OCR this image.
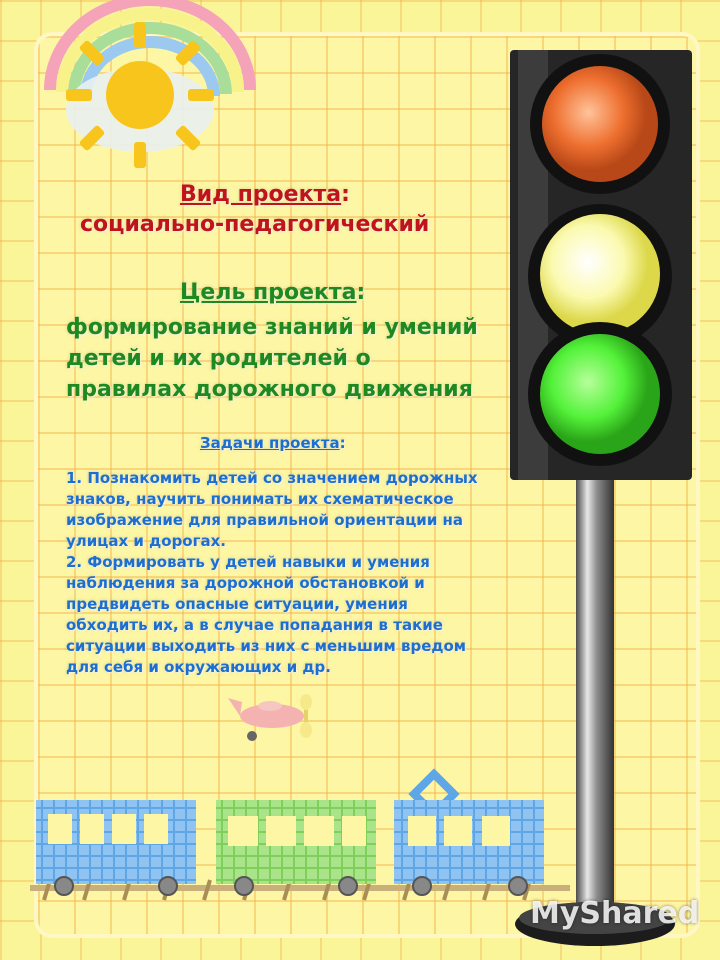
Вид проекта:
социально-педагогический
Цель проекта:
формирование знаний и умений
детей и их родителей о
правилах дорожного движения
Задачи проекта:
1. Познакомить детей со значением дорожных
знаков, научить понимать их схематическое
изображение для правильной ориентации на
улицах и дорогах.
2. Формировать у детей навыки и умения
наблюдения за дорожной обстановкой и
предвидеть опасные ситуации, умения
обходить их, а в случае попадания в такие
ситуации выходить из них с меньшим вредом
для себя и окружающих и др.
MyShared
